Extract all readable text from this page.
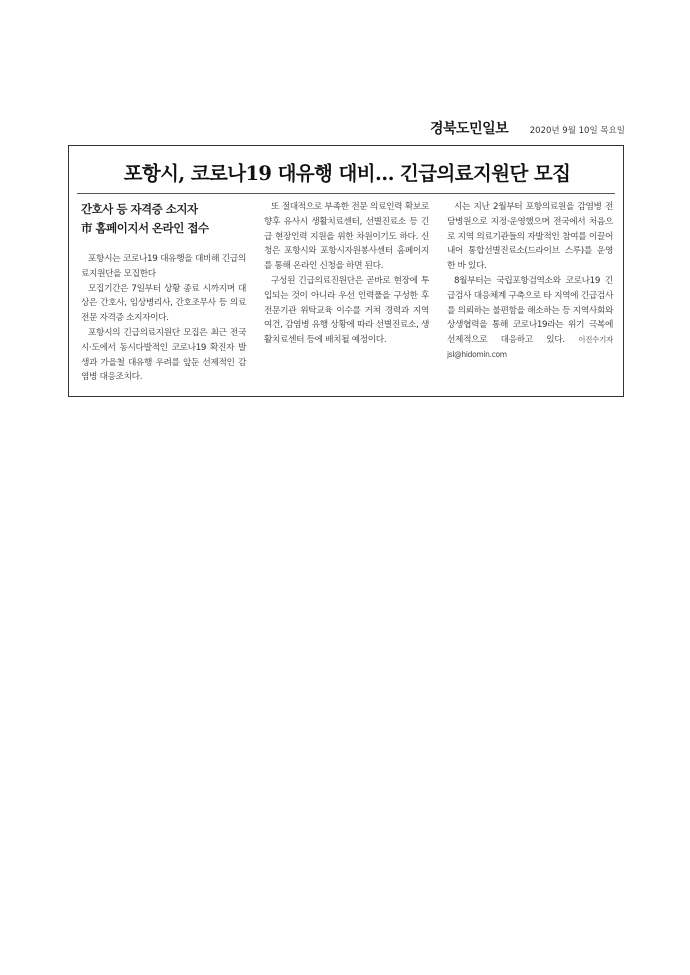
경북도민일보	2020년 9월 10일 목요일
포항시, 코로나19 대유행 대비… 긴급의료지원단 모집
간호사 등 자격증 소지자
市 홈페이지서 온라인 접수

포항시는 코로나19 대유행을 대비해 긴급의료지원단을 모집한다

모집기간은 7일부터 상황 종료 시까지며 대상은 간호사, 임상병리사, 간호조무사 등 의료전문 자격증 소지자이다.

포항시의 긴급의료지원단 모집은 최근 전국 시·도에서 동시다발적인 코로나19 확진자 발생과 가을철 대유행 우려를 앞둔 선제적인 감염병 대응조치다.

또 절대적으로 부족한 전문 의료인력 확보로 향후 유사시 생활치료센터, 선별진료소 등 긴급 현장인력 지원을 위한 차원이기도 하다. 신청은 포항시와 포항시자원봉사센터 홈페이지를 통해 온라인 신청을 하면 된다.

구성된 긴급의료진원단은 곧바로 현장에 투입되는 것이 아니라 우선 인력풀을 구성한 후 전문기관 위탁교육 이수를 거쳐 경력과 지역 여건, 감염병 유행 상황에 따라 선별진료소, 생활치료센터 등에 배치될 예정이다.

시는 지난 2월부터 포항의료원을 감염병 전담병원으로 지정·운영했으며 전국에서 처음으로 지역 의료기관들의 자발적인 참여를 이끌어 내어 통합선별진료소(드라이브 스루)를 운영한 바 있다.

8월부터는 국립포항검역소와 코로나19 긴급검사 대응체계 구축으로 타 지역에 긴급검사를 의뢰하는 불편함을 해소하는 등 지역사회와 상생협력을 통해 코로나19라는 위기 극복에 선제적으로 대응하고 있다. 이진수기자 jsl@hidomin.com
